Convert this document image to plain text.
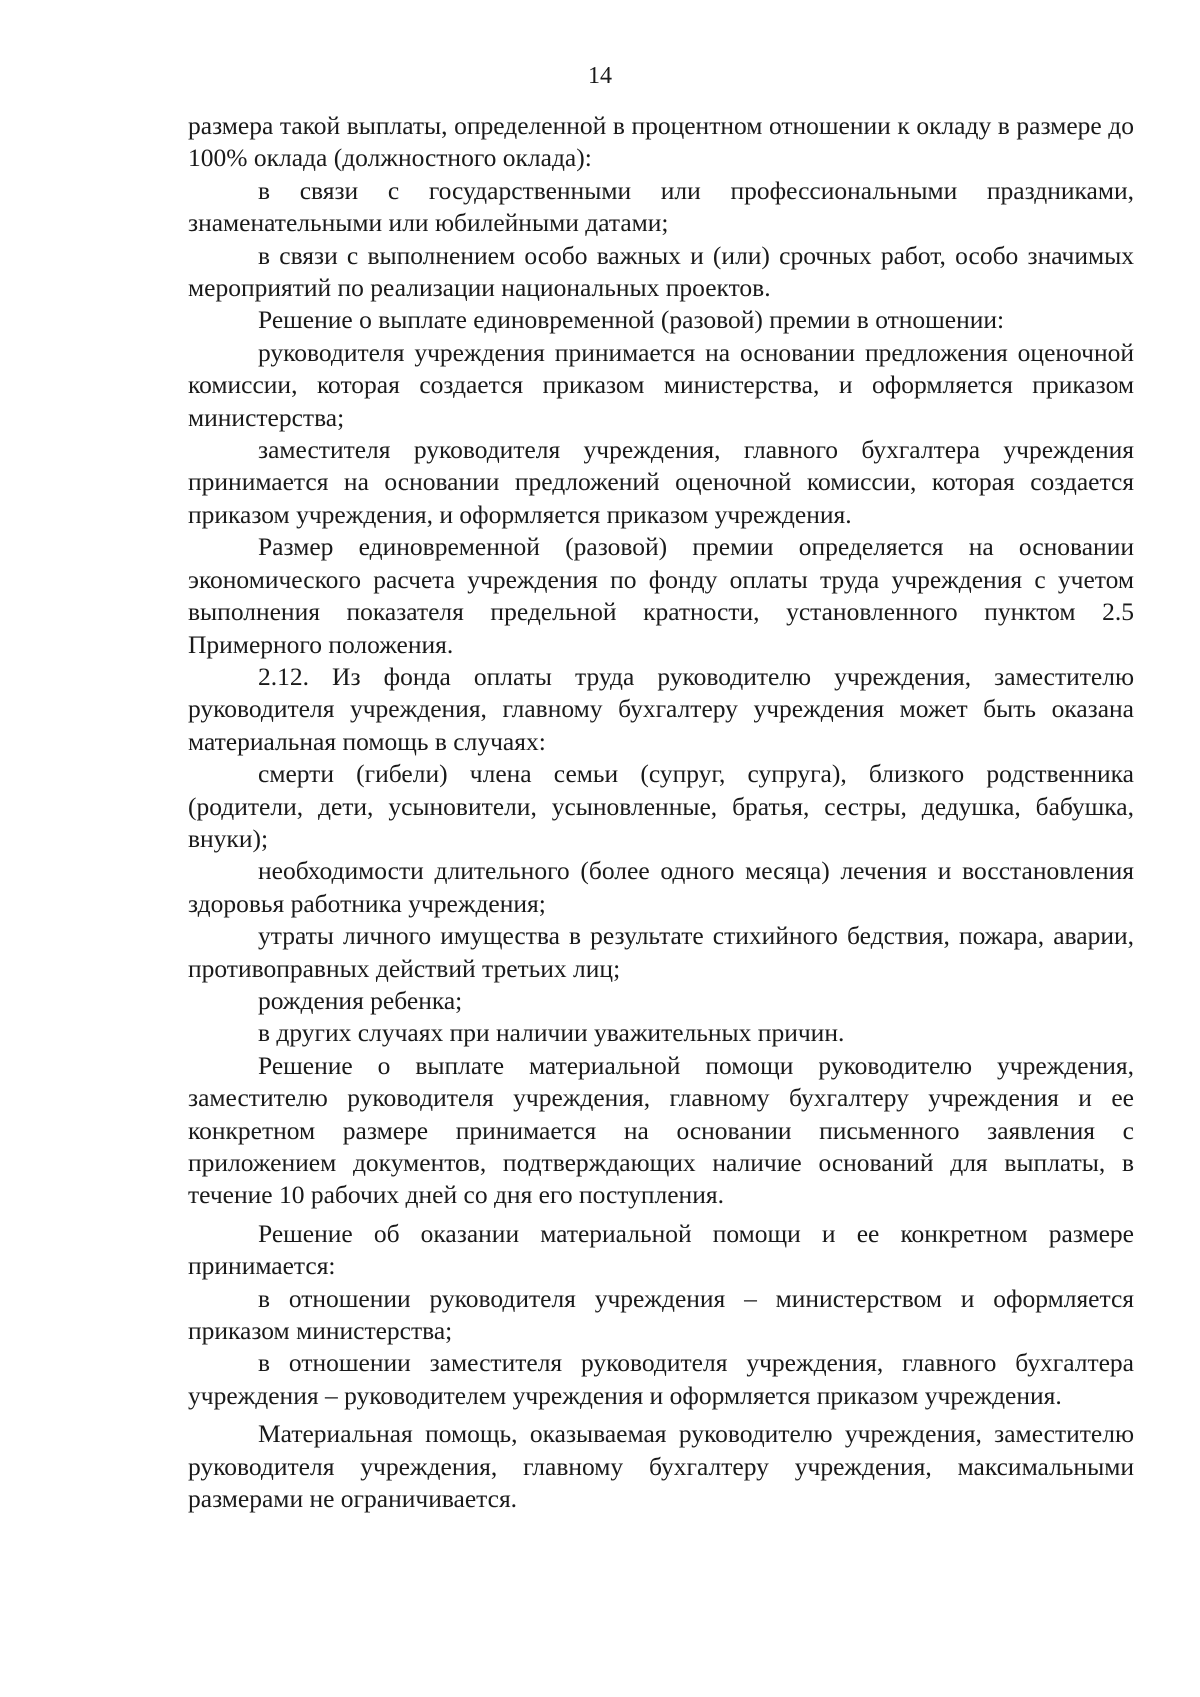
14

размера такой выплаты, определенной в процентном отношении к окладу в размере до 100% оклада (должностного оклада):

в связи с государственными или профессиональными праздниками, знаменательными или юбилейными датами;

в связи с выполнением особо важных и (или) срочных работ, особо значимых мероприятий по реализации национальных проектов.

Решение о выплате единовременной (разовой) премии в отношении:

руководителя учреждения принимается на основании предложения оценочной комиссии, которая создается приказом министерства, и оформляется приказом министерства;

заместителя руководителя учреждения, главного бухгалтера учреждения принимается на основании предложений оценочной комиссии, которая создается приказом учреждения, и оформляется приказом учреждения.

Размер единовременной (разовой) премии определяется на основании экономического расчета учреждения по фонду оплаты труда учреждения с учетом выполнения показателя предельной кратности, установленного пунктом 2.5 Примерного положения.

2.12. Из фонда оплаты труда руководителю учреждения, заместителю руководителя учреждения, главному бухгалтеру учреждения может быть оказана материальная помощь в случаях:

смерти (гибели) члена семьи (супруг, супруга), близкого родственника (родители, дети, усыновители, усыновленные, братья, сестры, дедушка, бабушка, внуки);

необходимости длительного (более одного месяца) лечения и восстановления здоровья работника учреждения;

утраты личного имущества в результате стихийного бедствия, пожара, аварии, противоправных действий третьих лиц;

рождения ребенка;

в других случаях при наличии уважительных причин.

Решение о выплате материальной помощи руководителю учреждения, заместителю руководителя учреждения, главному бухгалтеру учреждения и ее конкретном размере принимается на основании письменного заявления с приложением документов, подтверждающих наличие оснований для выплаты, в течение 10 рабочих дней со дня его поступления.

Решение об оказании материальной помощи и ее конкретном размере принимается:

в отношении руководителя учреждения – министерством и оформляется приказом министерства;

в отношении заместителя руководителя учреждения, главного бухгалтера учреждения – руководителем учреждения и оформляется приказом учреждения.

Материальная помощь, оказываемая руководителю учреждения, заместителю руководителя учреждения, главному бухгалтеру учреждения, максимальными размерами не ограничивается.
